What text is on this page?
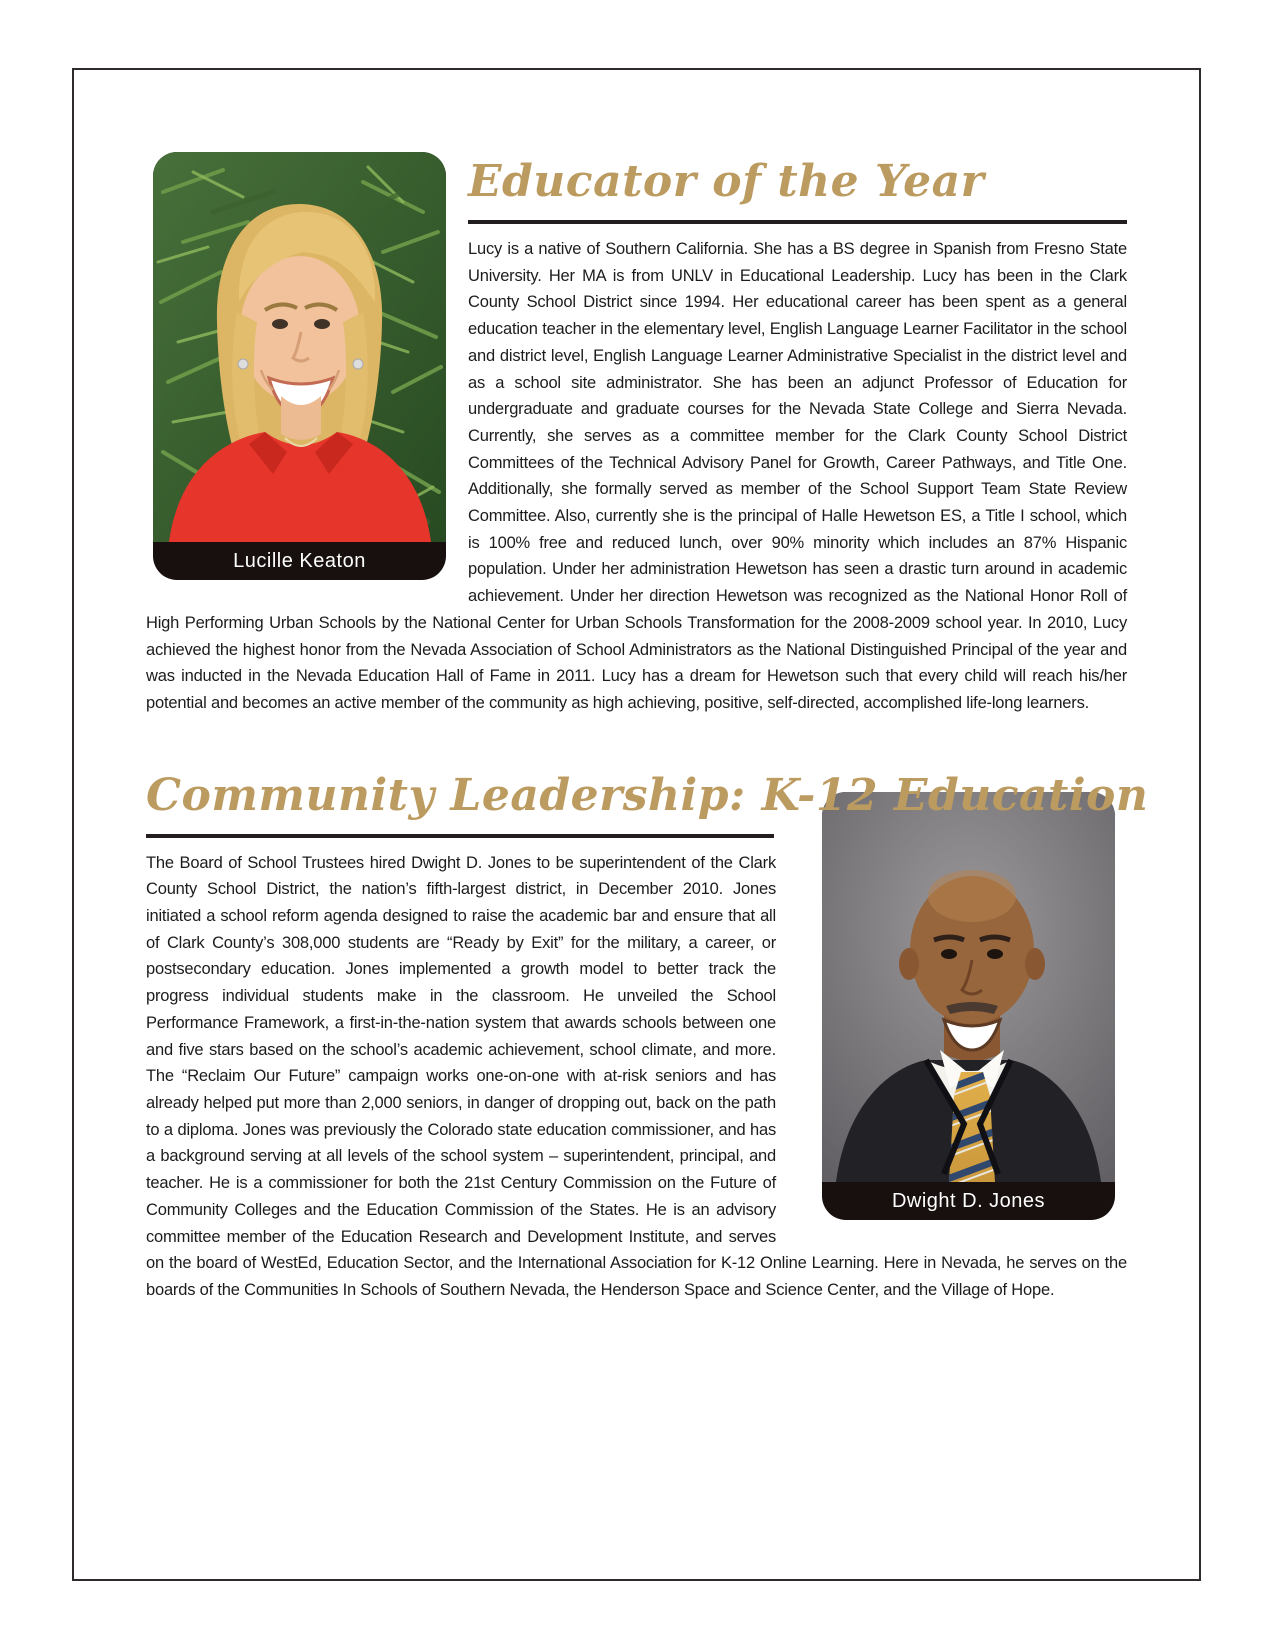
Lucille Keaton
Educator of the Year

Lucy is a native of Southern California. She has a BS degree in Spanish from Fresno State University. Her MA is from UNLV in Educational Leadership. Lucy has been in the Clark County School District since 1994. Her educational career has been spent as a general education teacher in the elementary level, English Language Learner Facilitator in the school and district level, English Language Learner Administrative Specialist in the district level and as a school site administrator. She has been an adjunct Professor of Education for undergraduate and graduate courses for the Nevada State College and Sierra Nevada. Currently, she serves as a committee member for the Clark County School District Committees of the Technical Advisory Panel for Growth, Career Pathways, and Title One. Additionally, she formally served as member of the School Support Team State Review Committee. Also, currently she is the principal of Halle Hewetson ES, a Title I school, which is 100% free and reduced lunch, over 90% minority which includes an 87% Hispanic population. Under her administration Hewetson has seen a drastic turn around in academic achievement. Under her direction Hewetson was recognized as the National Honor Roll of High Performing Urban Schools by the National Center for Urban Schools Transformation for the 2008-2009 school year. In 2010, Lucy achieved the highest honor from the Nevada Association of School Administrators as the National Distinguished Principal of the year and was inducted in the Nevada Education Hall of Fame in 2011. Lucy has a dream for Hewetson such that every child will reach his/her potential and becomes an active member of the community as high achieving, positive, self-directed, accomplished life-long learners.

Community Leadership: K-12 Education
Dwight D. Jones

The Board of School Trustees hired Dwight D. Jones to be superintendent of the Clark County School District, the nation’s fifth-largest district, in December 2010. Jones initiated a school reform agenda designed to raise the academic bar and ensure that all of Clark County’s 308,000 students are “Ready by Exit” for the military, a career, or postsecondary education. Jones implemented a growth model to better track the progress individual students make in the classroom. He unveiled the School Performance Framework, a first-in-the-nation system that awards schools between one and five stars based on the school’s academic achievement, school climate, and more. The “Reclaim Our Future” campaign works one-on-one with at-risk seniors and has already helped put more than 2,000 seniors, in danger of dropping out, back on the path to a diploma. Jones was previously the Colorado state education commissioner, and has a background serving at all levels of the school system – superintendent, principal, and teacher. He is a commissioner for both the 21st Century Commission on the Future of Community Colleges and the Education Commission of the States. He is an advisory committee member of the Education Research and Development Institute, and serves on the board of WestEd, Education Sector, and the International Association for K-12 Online Learning. Here in Nevada, he serves on the boards of the Communities In Schools of Southern Nevada, the Henderson Space and Science Center, and the Village of Hope.
